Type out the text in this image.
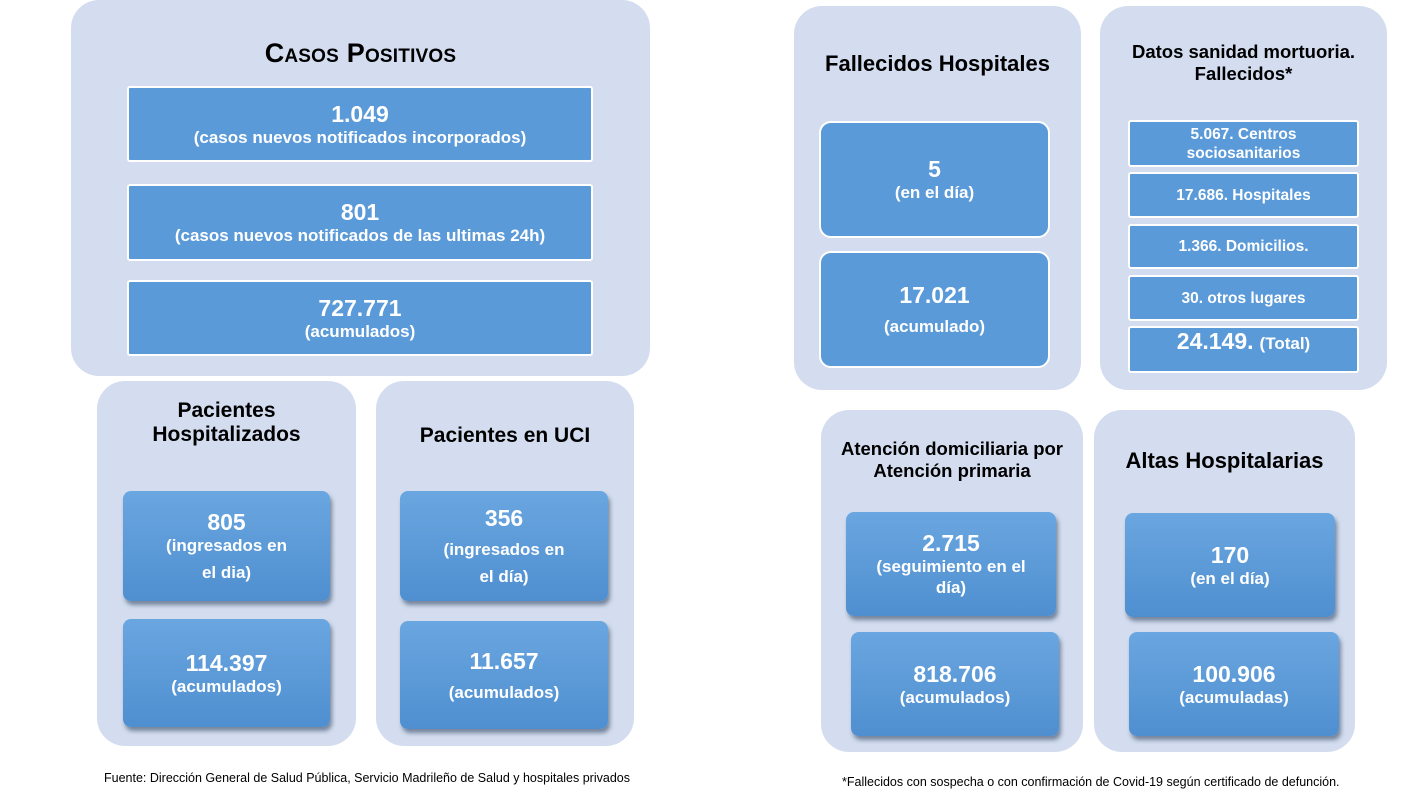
Casos Positivos
1.049
(casos nuevos notificados incorporados)
801
(casos nuevos notificados de las ultimas 24h)
727.771
(acumulados)
Pacientes
Hospitalizados
805
(ingresados en
el dia)
114.397
(acumulados)
Pacientes en UCI
356
(ingresados en
el día)
11.657
(acumulados)
Fallecidos Hospitales
5
(en el día)
17.021
(acumulado)
Datos sanidad mortuoria.
Fallecidos*
5.067. Centros
sociosanitarios
17.686. Hospitales
1.366. Domicilios.
30. otros lugares
24.149. (Total)
Atención domiciliaria por
Atención primaria
2.715
(seguimiento en el
día)
818.706
(acumulados)
Altas Hospitalarias
170
(en el día)
100.906
(acumuladas)
Fuente: Dirección General de Salud Pública, Servicio Madrileño de Salud y hospitales privados	*Fallecidos con sospecha o con confirmación de Covid-19 según certificado de defunción.
